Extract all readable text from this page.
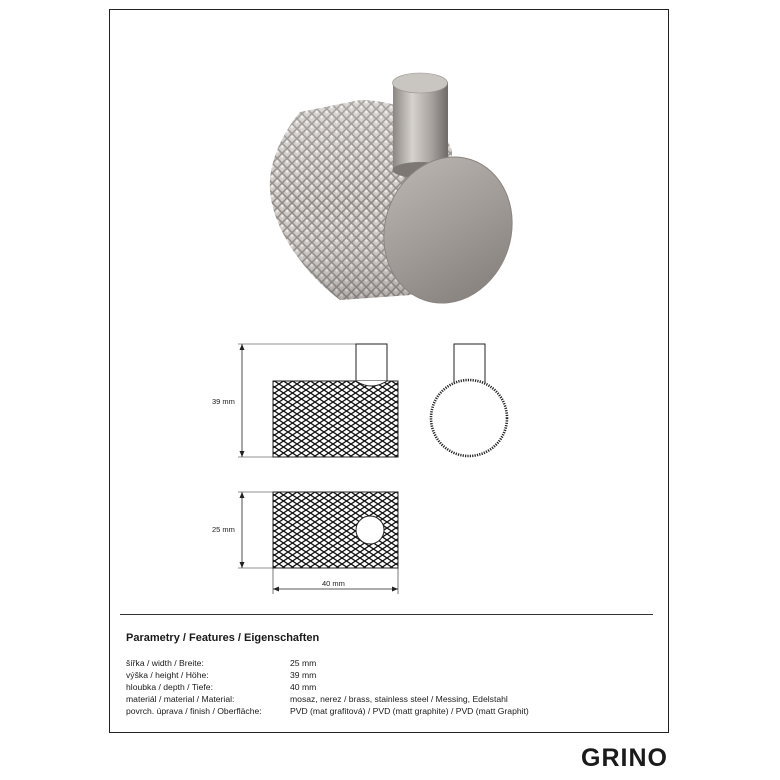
39 mm
25 mm
40 mm
Parametry / Features / Eigenschaften
šířka / width / Breite:	25 mm
výška / height / Höhe:	39 mm
hloubka / depth / Tiefe:	40 mm
materiál / material / Material:	mosaz, nerez / brass, stainless steel / Messing, Edelstahl
povrch. úprava / finish / Oberfläche:	PVD (mat grafitová) / PVD (matt graphite) / PVD (matt Graphit)
GRINO
